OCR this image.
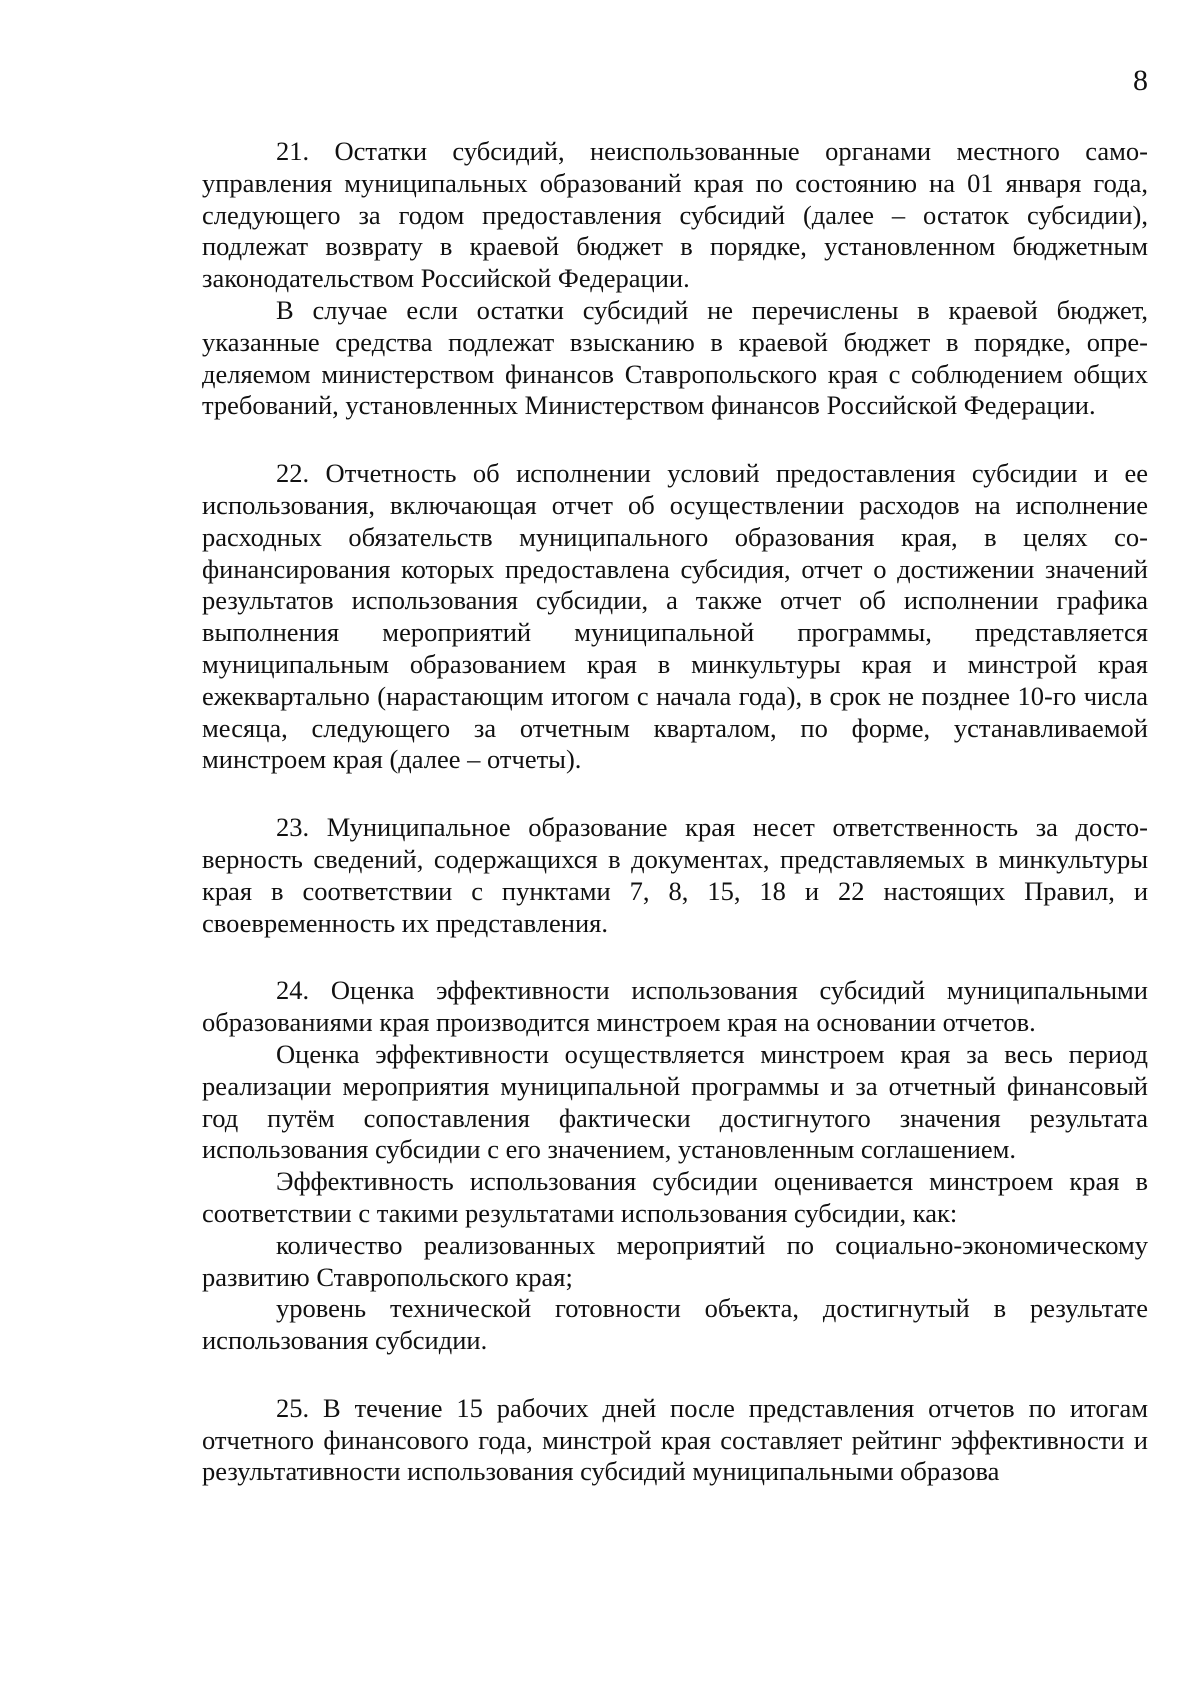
8

21. Остатки субсидий, неиспользованные органами местного самоуправления муниципальных образований края по состоянию на 01 января года, следующего за годом предоставления субсидий (далее – остаток субсидии), подлежат возврату в краевой бюджет в порядке, установленном бюджетным законодательством Российской Федерации.

В случае если остатки субсидий не перечислены в краевой бюджет, указанные средства подлежат взысканию в краевой бюджет в порядке, определяемом министерством финансов Ставропольского края с соблюдением общих требований, установленных Министерством финансов Российской Федерации.

22. Отчетность об исполнении условий предоставления субсидии и ее использования, включающая отчет об осуществлении расходов на исполнение расходных обязательств муниципального образования края, в целях софинансирования которых предоставлена субсидия, отчет о достижении значений результатов использования субсидии, а также отчет об исполнении графика выполнения мероприятий муниципальной программы, представляется муниципальным образованием края в минкультуры края и минстрой края ежеквартально (нарастающим итогом с начала года), в срок не позднее 10-го числа месяца, следующего за отчетным кварталом, по форме, устанавливаемой минстроем края (далее – отчеты).

23. Муниципальное образование края несет ответственность за достоверность сведений, содержащихся в документах, представляемых в минкультуры края в соответствии с пунктами 7, 8, 15, 18 и 22 настоящих Правил, и своевременность их представления.

24. Оценка эффективности использования субсидий муниципальными образованиями края производится минстроем края на основании отчетов.

Оценка эффективности осуществляется минстроем края за весь период реализации мероприятия муниципальной программы и за отчетный финансовый год путём сопоставления фактически достигнутого значения результата использования субсидии с его значением, установленным соглашением.

Эффективность использования субсидии оценивается минстроем края в соответствии с такими результатами использования субсидии, как:

количество реализованных мероприятий по социально-экономическому развитию Ставропольского края;

уровень технической готовности объекта, достигнутый в результате использования субсидии.

25. В течение 15 рабочих дней после представления отчетов по итогам отчетного финансового года, минстрой края составляет рейтинг эффективности и результативности использования субсидий муниципальными образова
